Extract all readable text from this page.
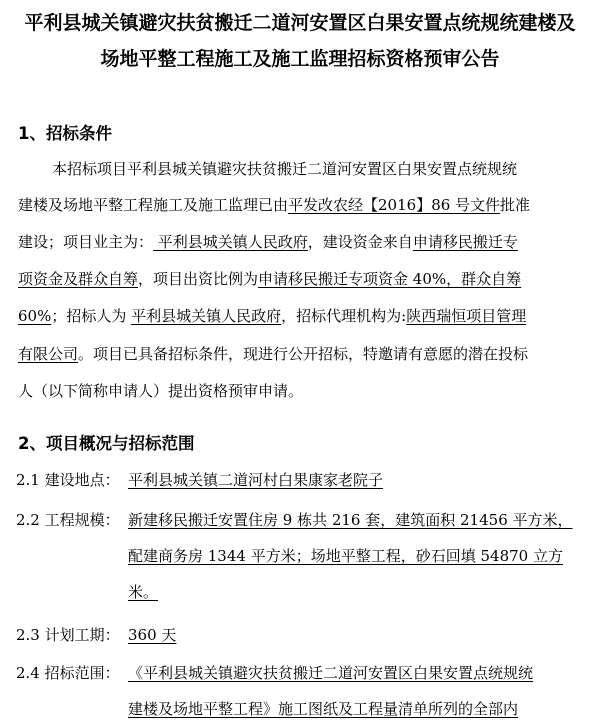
平利县城关镇避灾扶贫搬迁二道河安置区白果安置点统规统建楼及
场地平整工程施工及施工监理招标资格预审公告
1、招标条件
本招标项目平利县城关镇避灾扶贫搬迁二道河安置区白果安置点统规统
建楼及场地平整工程施工及施工监理已由平发改农经【2016】86 号文件批准
建设；项目业主为： 平利县城关镇人民政府，建设资金来自申请移民搬迁专
项资金及群众自筹，项目出资比例为申请移民搬迁专项资金 40%，群众自筹
60%；招标人为 平利县城关镇人民政府，招标代理机构为:陕西瑞恒项目管理
有限公司。项目已具备招标条件，现进行公开招标，特邀请有意愿的潜在投标
人（以下简称申请人）提出资格预审申请。
2、项目概况与招标范围
2.1 建设地点： 平利县城关镇二道河村白果康家老院子
2.2 工程规模： 新建移民搬迁安置住房 9 栋共 216 套，建筑面积 21456 平方米，
配建商务房 1344 平方米；场地平整工程，砂石回填 54870 立方
米。
2.3 计划工期： 360 天
2.4 招标范围： 《平利县城关镇避灾扶贫搬迁二道河安置区白果安置点统规统
建楼及场地平整工程》施工图纸及工程量清单所列的全部内
